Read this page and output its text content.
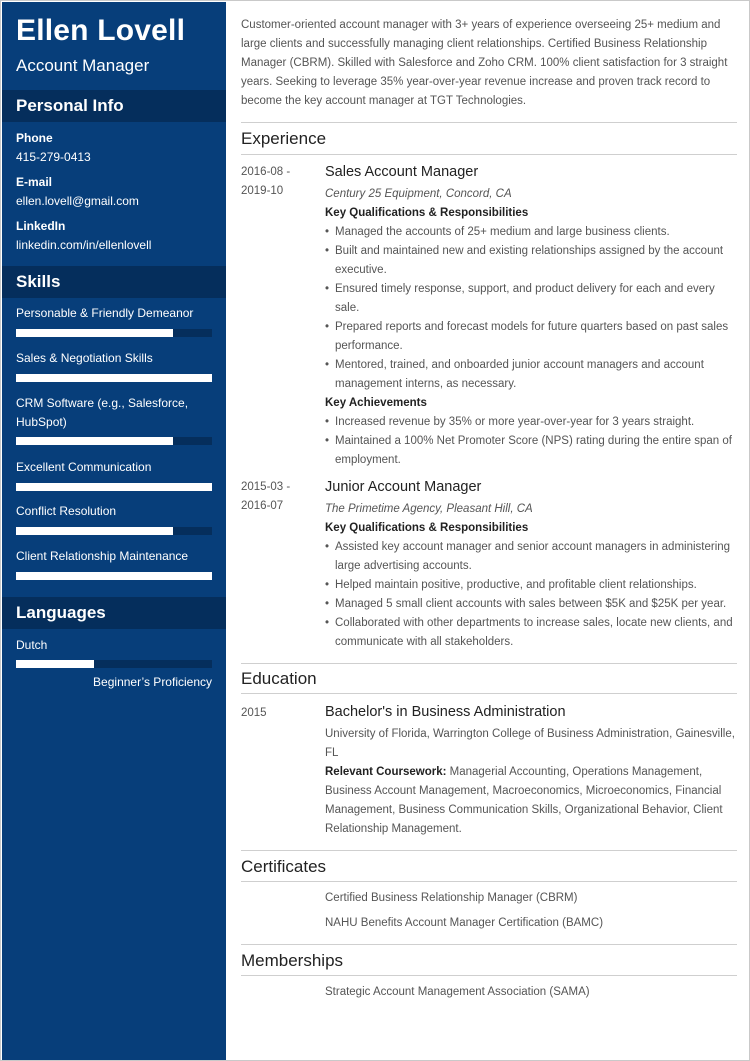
Ellen Lovell
Account Manager
Personal Info
Phone
415-279-0413
E-mail
ellen.lovell@gmail.com
LinkedIn
linkedin.com/in/ellenlovell
Skills
Personable & Friendly Demeanor
Sales & Negotiation Skills
CRM Software (e.g., Salesforce, HubSpot)
Excellent Communication
Conflict Resolution
Client Relationship Maintenance
Languages
Dutch
Beginner’s Proficiency
Customer-oriented account manager with 3+ years of experience overseeing 25+ medium and large clients and successfully managing client relationships. Certified Business Relationship Manager (CBRM). Skilled with Salesforce and Zoho CRM. 100% client satisfaction for 3 straight years. Seeking to leverage 35% year-over-year revenue increase and proven track record to become the key account manager at TGT Technologies.
Experience
2016-08 - 2019-10
Sales Account Manager
Century 25 Equipment, Concord, CA
Key Qualifications & Responsibilities
• Managed the accounts of 25+ medium and large business clients.
• Built and maintained new and existing relationships assigned by the account executive.
• Ensured timely response, support, and product delivery for each and every sale.
• Prepared reports and forecast models for future quarters based on past sales performance.
• Mentored, trained, and onboarded junior account managers and account management interns, as necessary.
Key Achievements
• Increased revenue by 35% or more year-over-year for 3 years straight.
• Maintained a 100% Net Promoter Score (NPS) rating during the entire span of employment.
2015-03 - 2016-07
Junior Account Manager
The Primetime Agency, Pleasant Hill, CA
Key Qualifications & Responsibilities
• Assisted key account manager and senior account managers in administering large advertising accounts.
• Helped maintain positive, productive, and profitable client relationships.
• Managed 5 small client accounts with sales between $5K and $25K per year.
• Collaborated with other departments to increase sales, locate new clients, and communicate with all stakeholders.
Education
2015	Bachelor's in Business Administration
University of Florida, Warrington College of Business Administration, Gainesville, FL
Relevant Coursework: Managerial Accounting, Operations Management, Business Account Management, Macroeconomics, Microeconomics, Financial Management, Business Communication Skills, Organizational Behavior, Client Relationship Management.
Certificates
Certified Business Relationship Manager (CBRM)
NAHU Benefits Account Manager Certification (BAMC)
Memberships
Strategic Account Management Association (SAMA)
